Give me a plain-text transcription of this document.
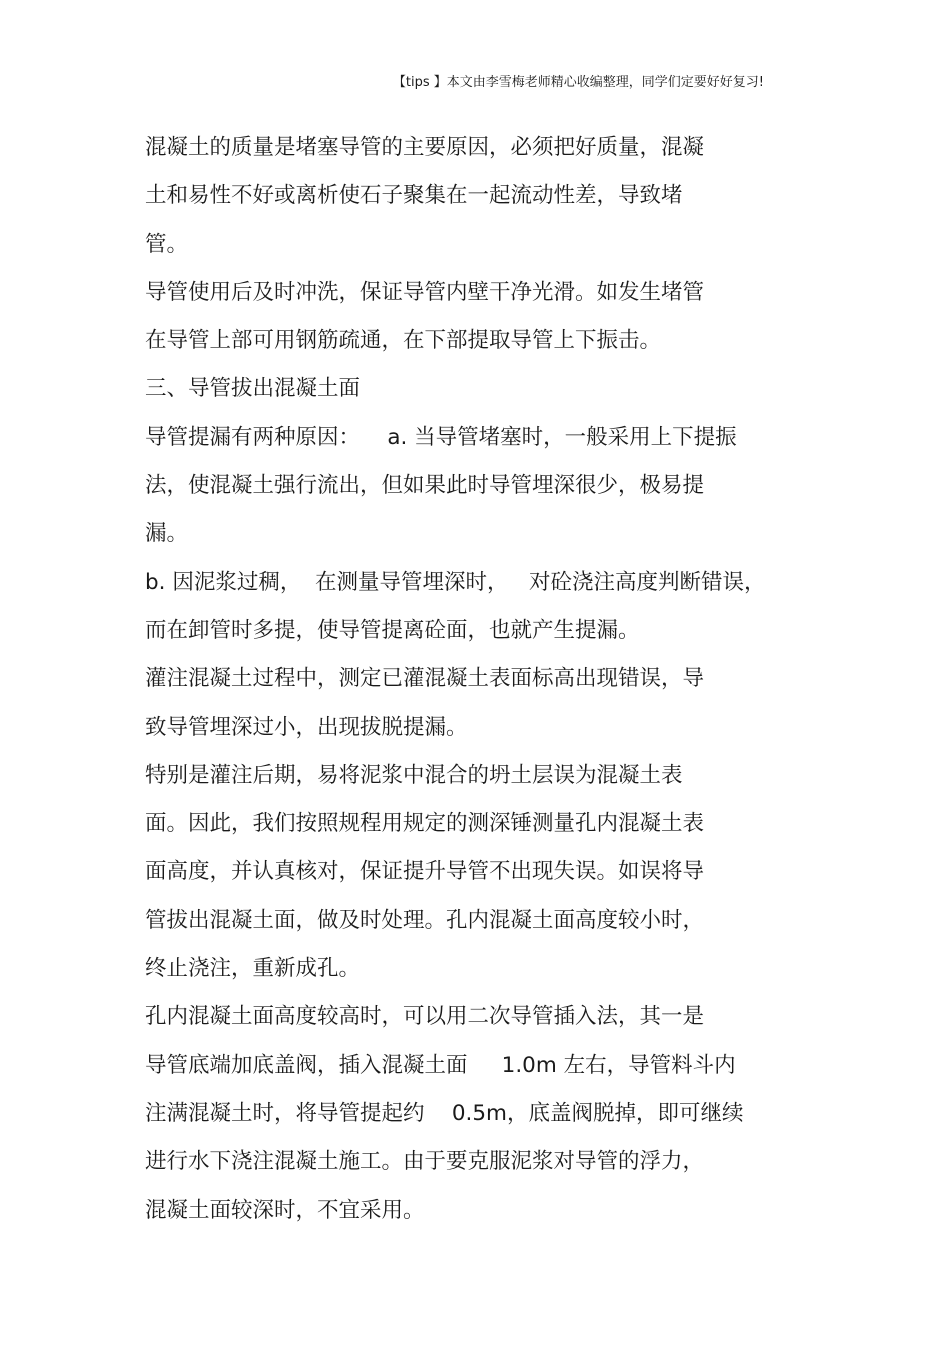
【tips 】本文由李雪梅老师精心收编整理，同学们定要好好复习!
混凝土的质量是堵塞导管的主要原因，必须把好质量，混凝
土和易性不好或离析使石子聚集在一起流动性差，导致堵
管。
导管使用后及时冲洗，保证导管内壁干净光滑。如发生堵管
在导管上部可用钢筋疏通，在下部提取导管上下振击。
三、导管拔出混凝土面
导管提漏有两种原因：    a. 当导管堵塞时，一般采用上下提振
法，使混凝土强行流出，但如果此时导管埋深很少，极易提
漏。
b. 因泥浆过稠，  在测量导管埋深时，   对砼浇注高度判断错误，
而在卸管时多提，使导管提离砼面，也就产生提漏。
灌注混凝土过程中，测定已灌混凝土表面标高出现错误，导
致导管埋深过小，出现拔脱提漏。
特别是灌注后期，易将泥浆中混合的坍土层误为混凝土表
面。因此，我们按照规程用规定的测深锤测量孔内混凝土表
面高度，并认真核对，保证提升导管不出现失误。如误将导
管拔出混凝土面，做及时处理。孔内混凝土面高度较小时，
终止浇注，重新成孔。
孔内混凝土面高度较高时，可以用二次导管插入法，其一是
导管底端加底盖阀，插入混凝土面     1.0m 左右，导管料斗内
注满混凝土时，将导管提起约    0.5m，底盖阀脱掉，即可继续
进行水下浇注混凝土施工。由于要克服泥浆对导管的浮力，
混凝土面较深时，不宜采用。
